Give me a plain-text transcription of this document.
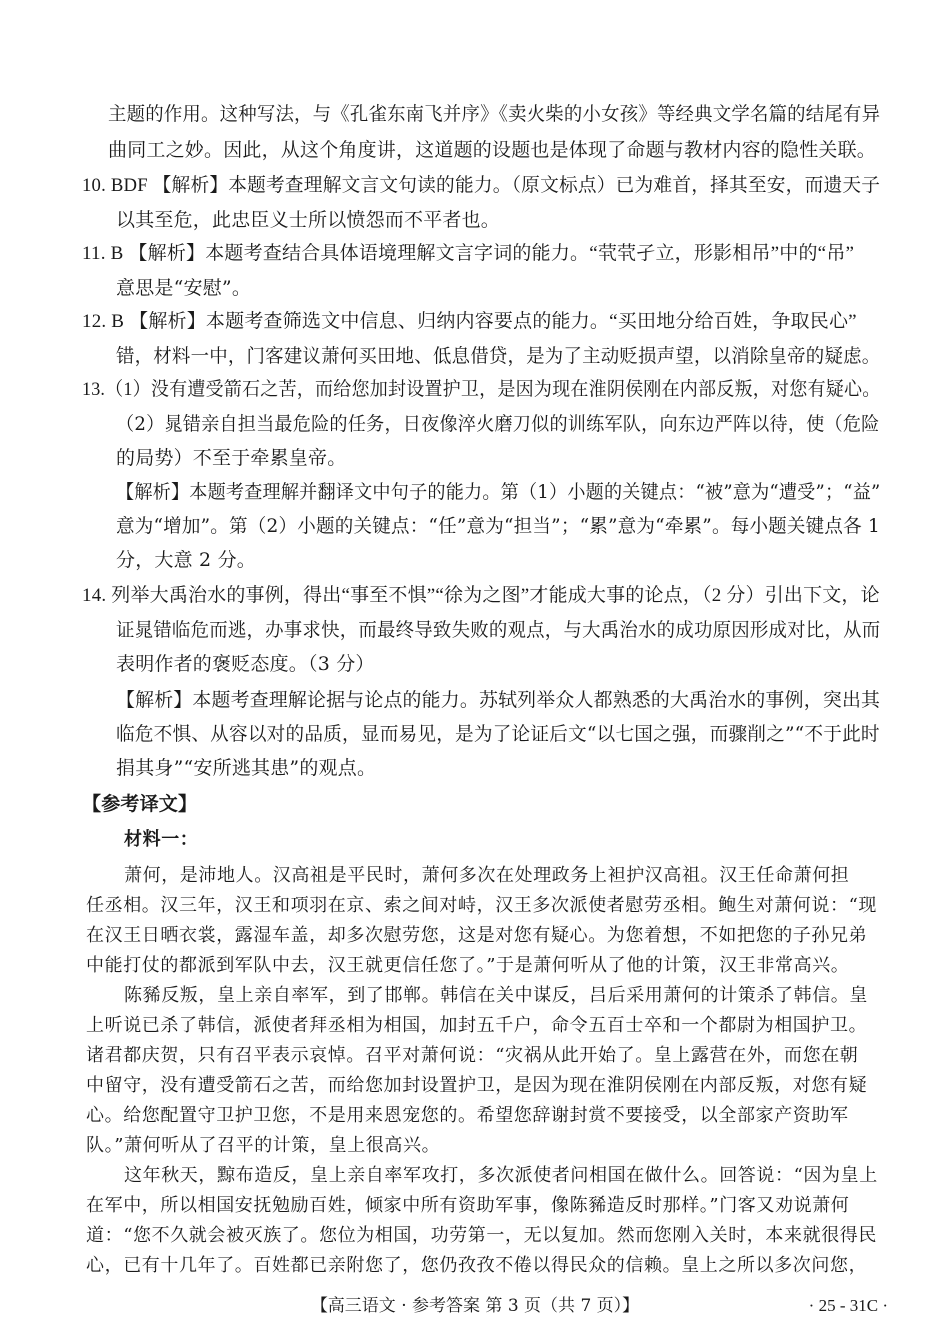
主题的作用。这种写法，与《孔雀东南飞并序》《卖火柴的小女孩》等经典文学名篇的结尾有异
曲同工之妙。因此，从这个角度讲，这道题的设题也是体现了命题与教材内容的隐性关联。
10. BDF 【解析】本题考查理解文言文句读的能力。（原文标点）已为难首，择其至安，而遗天子
以其至危，此忠臣义士所以愤怨而不平者也。
11. B 【解析】本题考查结合具体语境理解文言字词的能力。“茕茕孑立，形影相吊”中的“吊”
意思是“安慰”。
12. B 【解析】本题考查筛选文中信息、归纳内容要点的能力。“买田地分给百姓，争取民心”
错，材料一中，门客建议萧何买田地、低息借贷，是为了主动贬损声望，以消除皇帝的疑虑。
13.（1）没有遭受箭石之苦，而给您加封设置护卫，是因为现在淮阴侯刚在内部反叛，对您有疑心。
（2）晁错亲自担当最危险的任务，日夜像淬火磨刀似的训练军队，向东边严阵以待，使（危险
的局势）不至于牵累皇帝。
【解析】本题考查理解并翻译文中句子的能力。第（1）小题的关键点：“被”意为“遭受”；“益”
意为“增加”。第（2）小题的关键点：“任”意为“担当”；“累”意为“牵累”。每小题关键点各 1
分，大意 2 分。
14. 列举大禹治水的事例，得出“事至不惧”“徐为之图”才能成大事的论点，（2 分）引出下文，论
证晁错临危而逃，办事求快，而最终导致失败的观点，与大禹治水的成功原因形成对比，从而
表明作者的褒贬态度。（3 分）
【解析】本题考查理解论据与论点的能力。苏轼列举众人都熟悉的大禹治水的事例，突出其
临危不惧、从容以对的品质，显而易见，是为了论证后文“以七国之强，而骤削之”“不于此时
捐其身”“安所逃其患”的观点。
【参考译文】
材料一：
萧何，是沛地人。汉高祖是平民时，萧何多次在处理政务上袒护汉高祖。汉王任命萧何担
任丞相。汉三年，汉王和项羽在京、索之间对峙，汉王多次派使者慰劳丞相。鲍生对萧何说：“现
在汉王日晒衣裳，露湿车盖，却多次慰劳您，这是对您有疑心。为您着想，不如把您的子孙兄弟
中能打仗的都派到军队中去，汉王就更信任您了。”于是萧何听从了他的计策，汉王非常高兴。
陈豨反叛，皇上亲自率军，到了邯郸。韩信在关中谋反，吕后采用萧何的计策杀了韩信。皇
上听说已杀了韩信，派使者拜丞相为相国，加封五千户，命令五百士卒和一个都尉为相国护卫。
诸君都庆贺，只有召平表示哀悼。召平对萧何说：“灾祸从此开始了。皇上露营在外，而您在朝
中留守，没有遭受箭石之苦，而给您加封设置护卫，是因为现在淮阴侯刚在内部反叛，对您有疑
心。给您配置守卫护卫您，不是用来恩宠您的。希望您辞谢封赏不要接受，以全部家产资助军
队。”萧何听从了召平的计策，皇上很高兴。
这年秋天，黥布造反，皇上亲自率军攻打，多次派使者问相国在做什么。回答说：“因为皇上
在军中，所以相国安抚勉励百姓，倾家中所有资助军事，像陈豨造反时那样。”门客又劝说萧何
道：“您不久就会被灭族了。您位为相国，功劳第一，无以复加。然而您刚入关时，本来就很得民
心，已有十几年了。百姓都已亲附您了，您仍孜孜不倦以得民众的信赖。皇上之所以多次问您，
【高三语文 · 参考答案 第 3 页（共 7 页）】	· 25 - 31C ·
